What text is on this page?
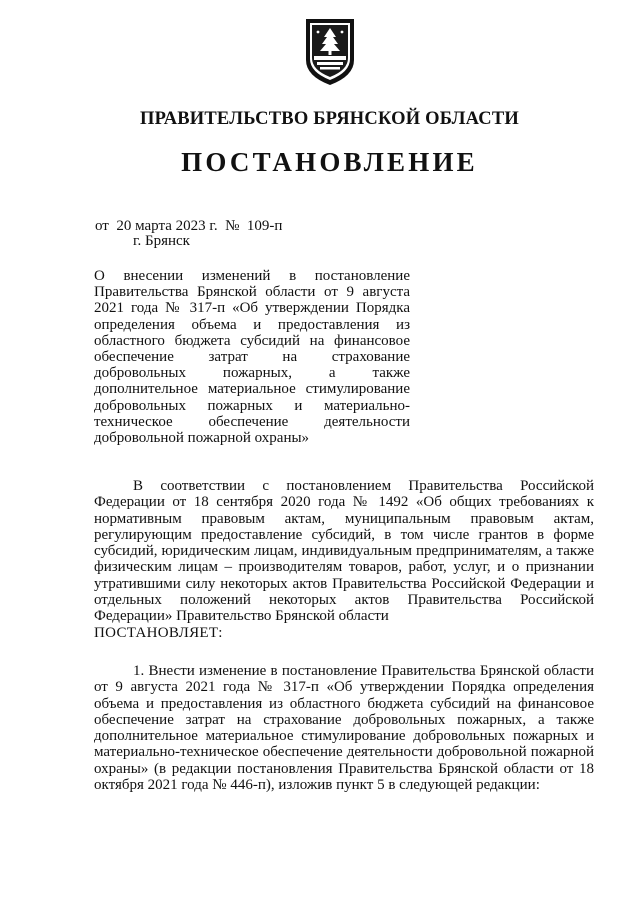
ПРАВИТЕЛЬСТВО БРЯНСКОЙ ОБЛАСТИ
ПОСТАНОВЛЕНИЕ
от  20 марта 2023 г.  №  109-п
г. Брянск
О внесении изменений в постановление Правительства Брянской области от 9 августа 2021 года № 317-п «Об утверждении Порядка определения объема и предоставления из областного бюджета субсидий на финансовое обеспечение затрат на страхование добровольных пожарных, а также дополнительное материальное стимулирование добровольных пожарных и материально-техническое обеспечение деятельности добровольной пожарной охраны»
В соответствии с постановлением Правительства Российской Федерации от 18 сентября 2020 года № 1492 «Об общих требованиях к нормативным правовым актам, муниципальным правовым актам, регулирующим предоставление субсидий, в том числе грантов в форме субсидий, юридическим лицам, индивидуальным предпринимателям, а также физическим лицам – производителям товаров, работ, услуг, и о признании утратившими силу некоторых актов Правительства Российской Федерации и отдельных положений некоторых актов Правительства Российской Федерации» Правительство Брянской области
ПОСТАНОВЛЯЕТ:
1. Внести изменение в постановление Правительства Брянской области от 9 августа 2021 года № 317-п «Об утверждении Порядка определения объема и предоставления из областного бюджета субсидий на финансовое обеспечение затрат на страхование добровольных пожарных, а также дополнительное материальное стимулирование добровольных пожарных и материально-техническое обеспечение деятельности добровольной пожарной охраны» (в редакции постановления Правительства Брянской области от 18 октября 2021 года № 446-п), изложив пункт 5 в следующей редакции:
